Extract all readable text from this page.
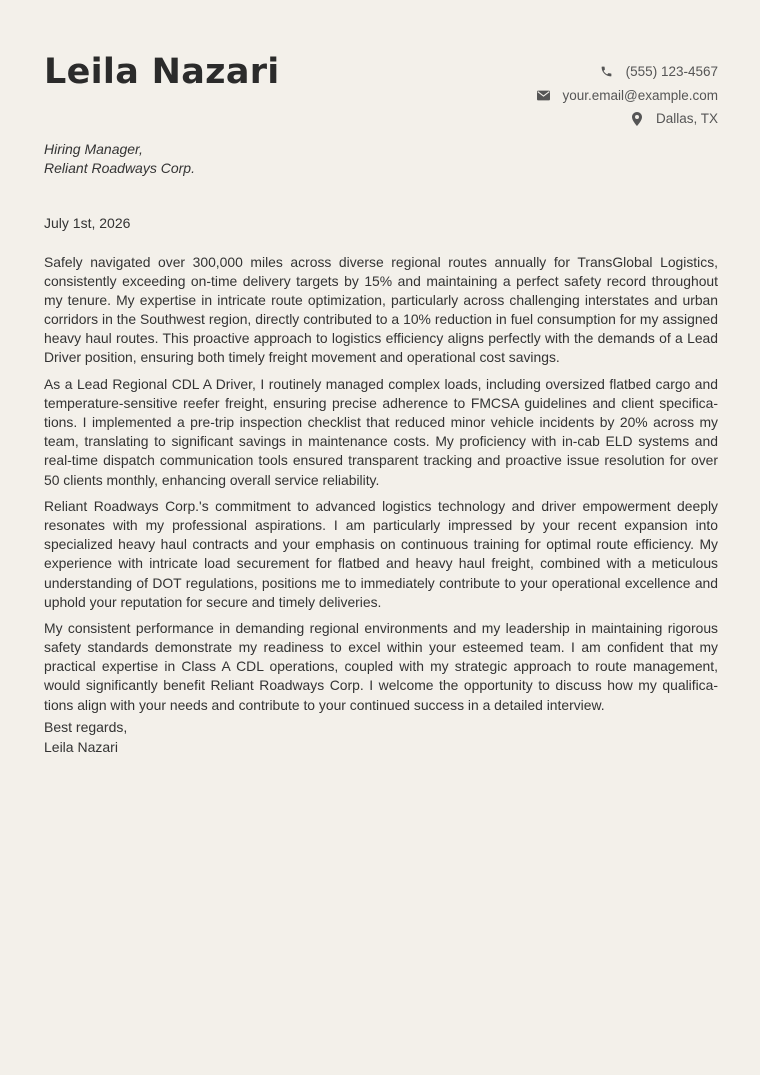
Leila Nazari	(555) 123-4567
your.email@example.com
Dallas, TX
Hiring Manager,
Reliant Roadways Corp.
July 1st, 2026

Safely navigated over 300,000 miles across diverse regional routes annually for TransGlobal Logistics, consistently exceeding on-time delivery targets by 15% and maintaining a perfect safety record throughout my tenure. My expertise in intricate route optimization, particularly across challenging interstates and urban corridors in the Southwest region, directly contributed to a 10% reduction in fuel consumption for my assigned heavy haul routes. This proactive approach to logistics efficiency aligns perfectly with the demands of a Lead Driver position, ensuring both timely freight movement and operational cost savings.

As a Lead Regional CDL A Driver, I routinely managed complex loads, including oversized flatbed cargo and temperature-sensitive reefer freight, ensuring precise adherence to FMCSA guidelines and client specifications. I implemented a pre-trip inspection checklist that reduced minor vehicle incidents by 20% across my team, translating to significant savings in maintenance costs. My proficiency with in-cab ELD systems and real-time dispatch communication tools ensured transparent tracking and proactive issue resolution for over 50 clients monthly, enhancing overall service reliability.

Reliant Roadways Corp.'s commitment to advanced logistics technology and driver empowerment deeply resonates with my professional aspirations. I am particularly impressed by your recent expansion into specialized heavy haul contracts and your emphasis on continuous training for optimal route efficiency. My experience with intricate load securement for flatbed and heavy haul freight, combined with a meticulous understanding of DOT regulations, positions me to immediately contribute to your operational excellence and uphold your reputation for secure and timely deliveries.

My consistent performance in demanding regional environments and my leadership in maintaining rigorous safety standards demonstrate my readiness to excel within your esteemed team. I am confident that my practical expertise in Class A CDL operations, coupled with my strategic approach to route management, would significantly benefit Reliant Roadways Corp. I welcome the opportunity to discuss how my qualifications align with your needs and contribute to your continued success in a detailed interview.

Best regards,
Leila Nazari
